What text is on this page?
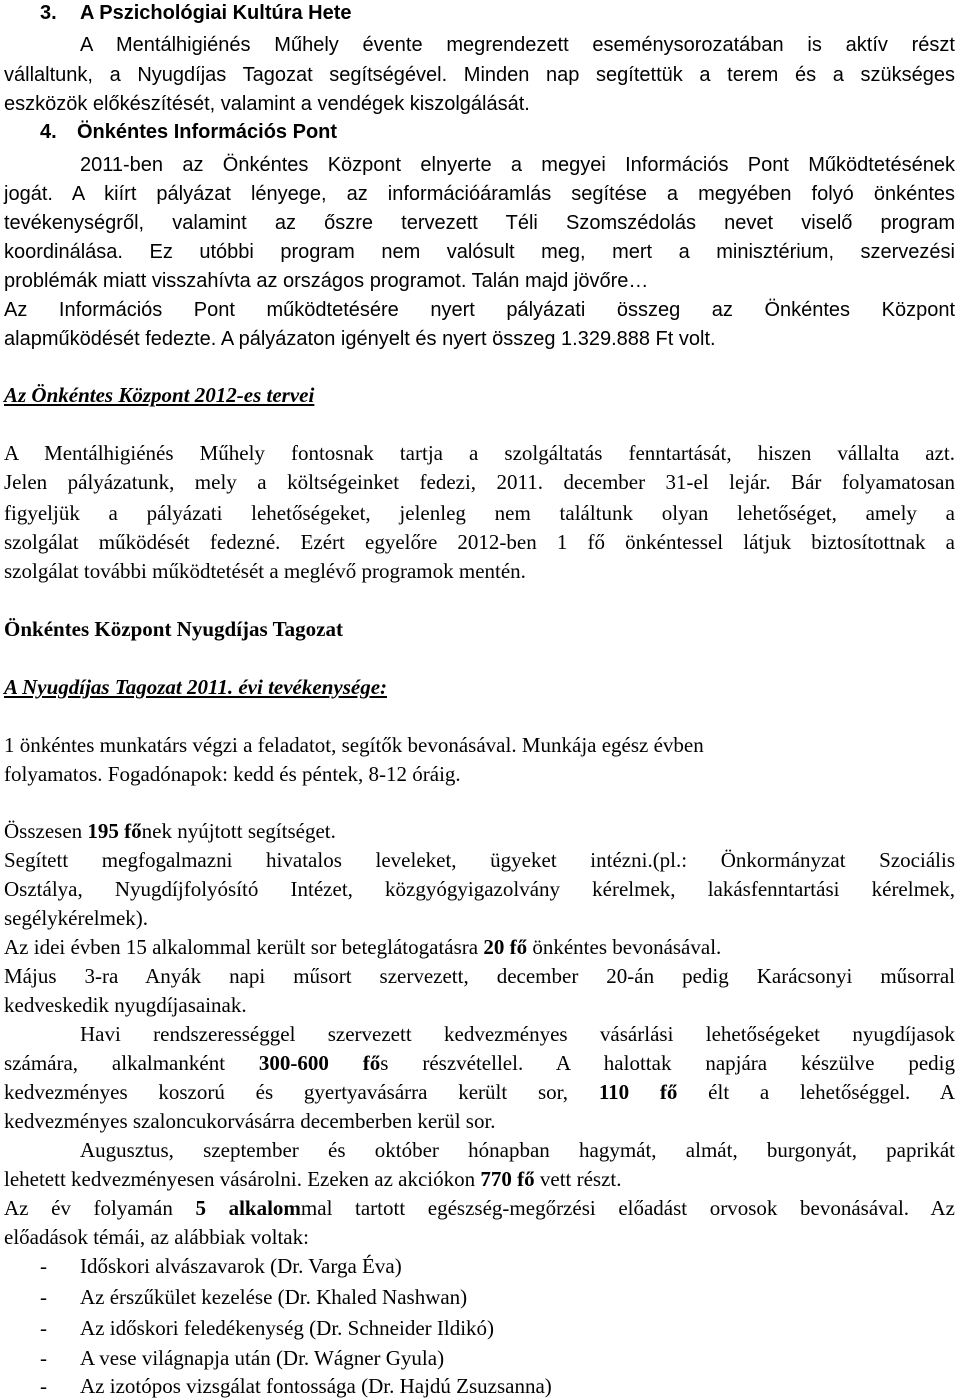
3. A Pszichológiai Kultúra Hete
A Mentálhigiénés Műhely évente megrendezett eseménysorozatában is aktív részt
vállaltunk, a Nyugdíjas Tagozat segítségével. Minden nap segítettük a terem és a szükséges
eszközök előkészítését, valamint a vendégek kiszolgálását.
4. Önkéntes Információs Pont
2011-ben az Önkéntes Központ elnyerte a megyei Információs Pont Működtetésének
jogát. A kiírt pályázat lényege, az információáramlás segítése a megyében folyó önkéntes
tevékenységről, valamint az őszre tervezett Téli Szomszédolás nevet viselő program
koordinálása. Ez utóbbi program nem valósult meg, mert a minisztérium, szervezési
problémák miatt visszahívta az országos programot. Talán majd jövőre…
Az Információs Pont működtetésére nyert pályázati összeg az Önkéntes Központ
alapműködését fedezte. A pályázaton igényelt és nyert összeg 1.329.888 Ft volt.
Az Önkéntes Központ 2012-es tervei
A Mentálhigiénés Műhely fontosnak tartja a szolgáltatás fenntartását, hiszen vállalta azt.
Jelen pályázatunk, mely a költségeinket fedezi, 2011. december 31-el lejár. Bár folyamatosan
figyeljük a pályázati lehetőségeket, jelenleg nem találtunk olyan lehetőséget, amely a
szolgálat működését fedezné. Ezért egyelőre 2012-ben 1 fő önkéntessel látjuk biztosítottnak a
szolgálat további működtetését a meglévő programok mentén.
Önkéntes Központ Nyugdíjas Tagozat
A Nyugdíjas Tagozat 2011. évi tevékenysége:
1 önkéntes munkatárs végzi a feladatot, segítők bevonásával. Munkája egész évben
folyamatos. Fogadónapok: kedd és péntek, 8-12 óráig.
Összesen 195 főnek nyújtott segítséget.
Segített megfogalmazni hivatalos leveleket, ügyeket intézni.(pl.: Önkormányzat Szociális
Osztálya, Nyugdíjfolyósító Intézet, közgyógyigazolvány kérelmek, lakásfenntartási kérelmek,
segélykérelmek).
Az idei évben 15 alkalommal került sor beteglátogatásra 20 fő önkéntes bevonásával.
Május 3-ra Anyák napi műsort szervezett, december 20-án pedig Karácsonyi műsorral
kedveskedik nyugdíjasainak.
Havi rendszerességgel szervezett kedvezményes vásárlási lehetőségeket nyugdíjasok
számára, alkalmanként 300-600 fős részvétellel. A halottak napjára készülve pedig
kedvezményes koszorú és gyertyavásárra került sor, 110 fő élt a lehetőséggel. A
kedvezményes szaloncukorvásárra decemberben kerül sor.
Augusztus, szeptember és október hónapban hagymát, almát, burgonyát, paprikát
lehetett kedvezményesen vásárolni. Ezeken az akciókon 770 fő vett részt.
Az év folyamán 5 alkalommal tartott egészség-megőrzési előadást orvosok bevonásával. Az
előadások témái, az alábbiak voltak:
- Időskori alvászavarok (Dr. Varga Éva)
- Az érszűkület kezelése (Dr. Khaled Nashwan)
- Az időskori feledékenység (Dr. Schneider Ildikó)
- A vese világnapja után (Dr. Wágner Gyula)
- Az izotópos vizsgálat fontossága (Dr. Hajdú Zsuzsanna)
